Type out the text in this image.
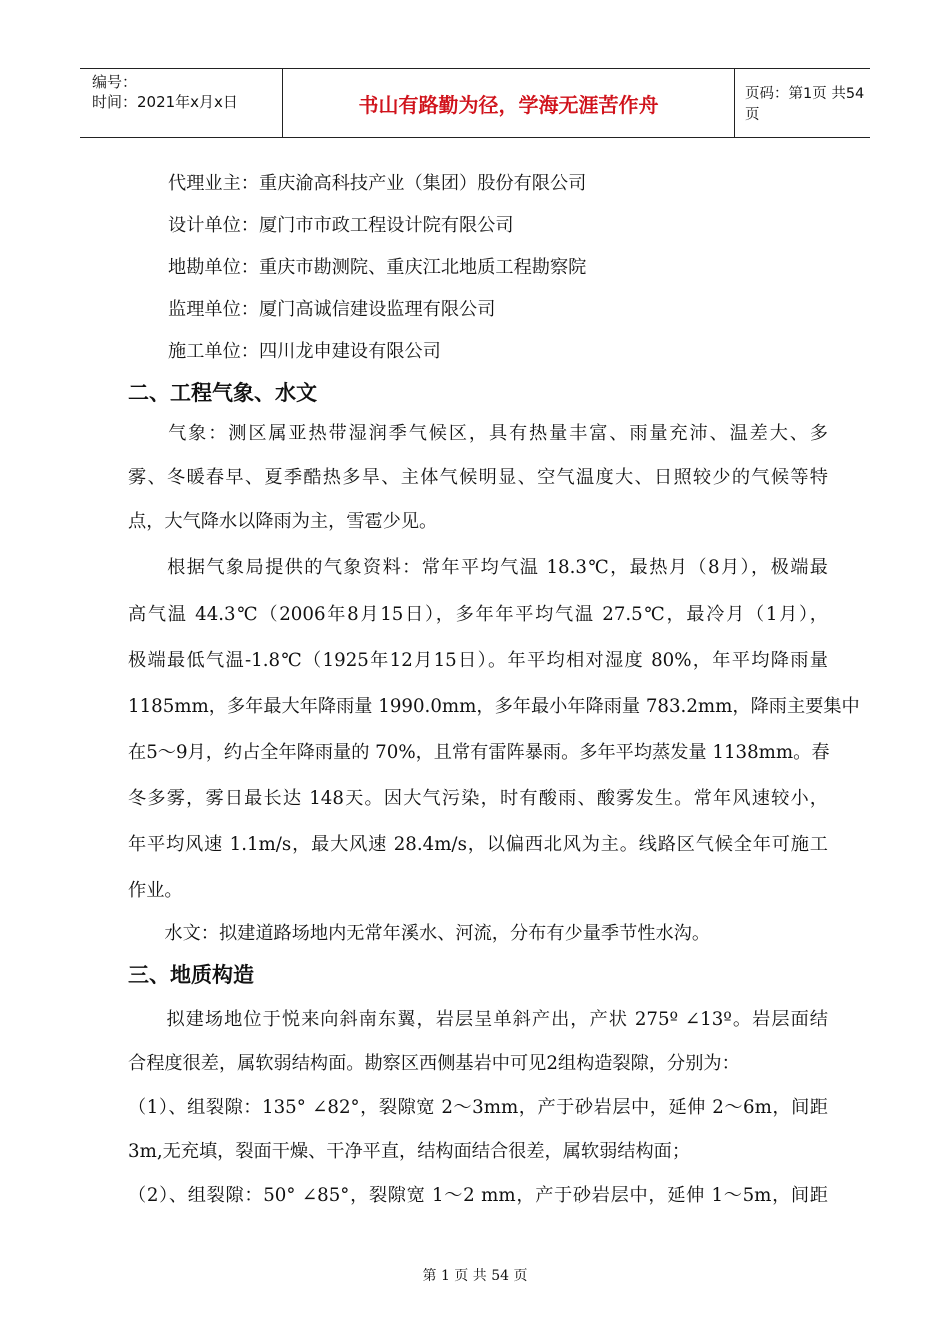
编号：
时间：2021年x月x日	书山有路勤为径，学海无涯苦作舟	页码：第1页 共54页
代理业主：重庆渝高科技产业（集团）股份有限公司
设计单位：厦门市市政工程设计院有限公司
地勘单位：重庆市勘测院、重庆江北地质工程勘察院
监理单位：厦门高诚信建设监理有限公司
施工单位：四川龙申建设有限公司
二、工程气象、水文
　　气象：测区属亚热带湿润季气候区，具有热量丰富、雨量充沛、温差大、多
雾、冬暖春早、夏季酷热多旱、主体气候明显、空气温度大、日照较少的气候等特
点，大气降水以降雨为主，雪雹少见。
　　根据气象局提供的气象资料：常年平均气温 18.3℃，最热月（8月），极端最
高气温 44.3℃（2006年8月15日），多年年平均气温 27.5℃，最冷月（1月），
极端最低气温-1.8℃（1925年12月15日）。年平均相对湿度 80%，年平均降雨量
1185mm，多年最大年降雨量 1990.0mm，多年最小年降雨量 783.2mm，降雨主要集中
在5～9月，约占全年降雨量的 70%，且常有雷阵暴雨。多年平均蒸发量 1138mm。春
冬多雾，雾日最长达 148天。因大气污染，时有酸雨、酸雾发生。常年风速较小，
年平均风速 1.1m/s，最大风速 28.4m/s，以偏西北风为主。线路区气候全年可施工
作业。
　　水文：拟建道路场地内无常年溪水、河流，分布有少量季节性水沟。
三、地质构造
　　拟建场地位于悦来向斜南东翼，岩层呈单斜产出，产状 275º ∠13º。岩层面结
合程度很差，属软弱结构面。勘察区西侧基岩中可见2组构造裂隙，分别为：
（1）、组裂隙：135° ∠82°，裂隙宽 2～3mm，产于砂岩层中，延伸 2～6m，间距
3m,无充填，裂面干燥、干净平直，结构面结合很差，属软弱结构面；
（2）、组裂隙：50° ∠85°，裂隙宽 1～2 mm，产于砂岩层中，延伸 1～5m，间距
第 1 页 共 54 页
